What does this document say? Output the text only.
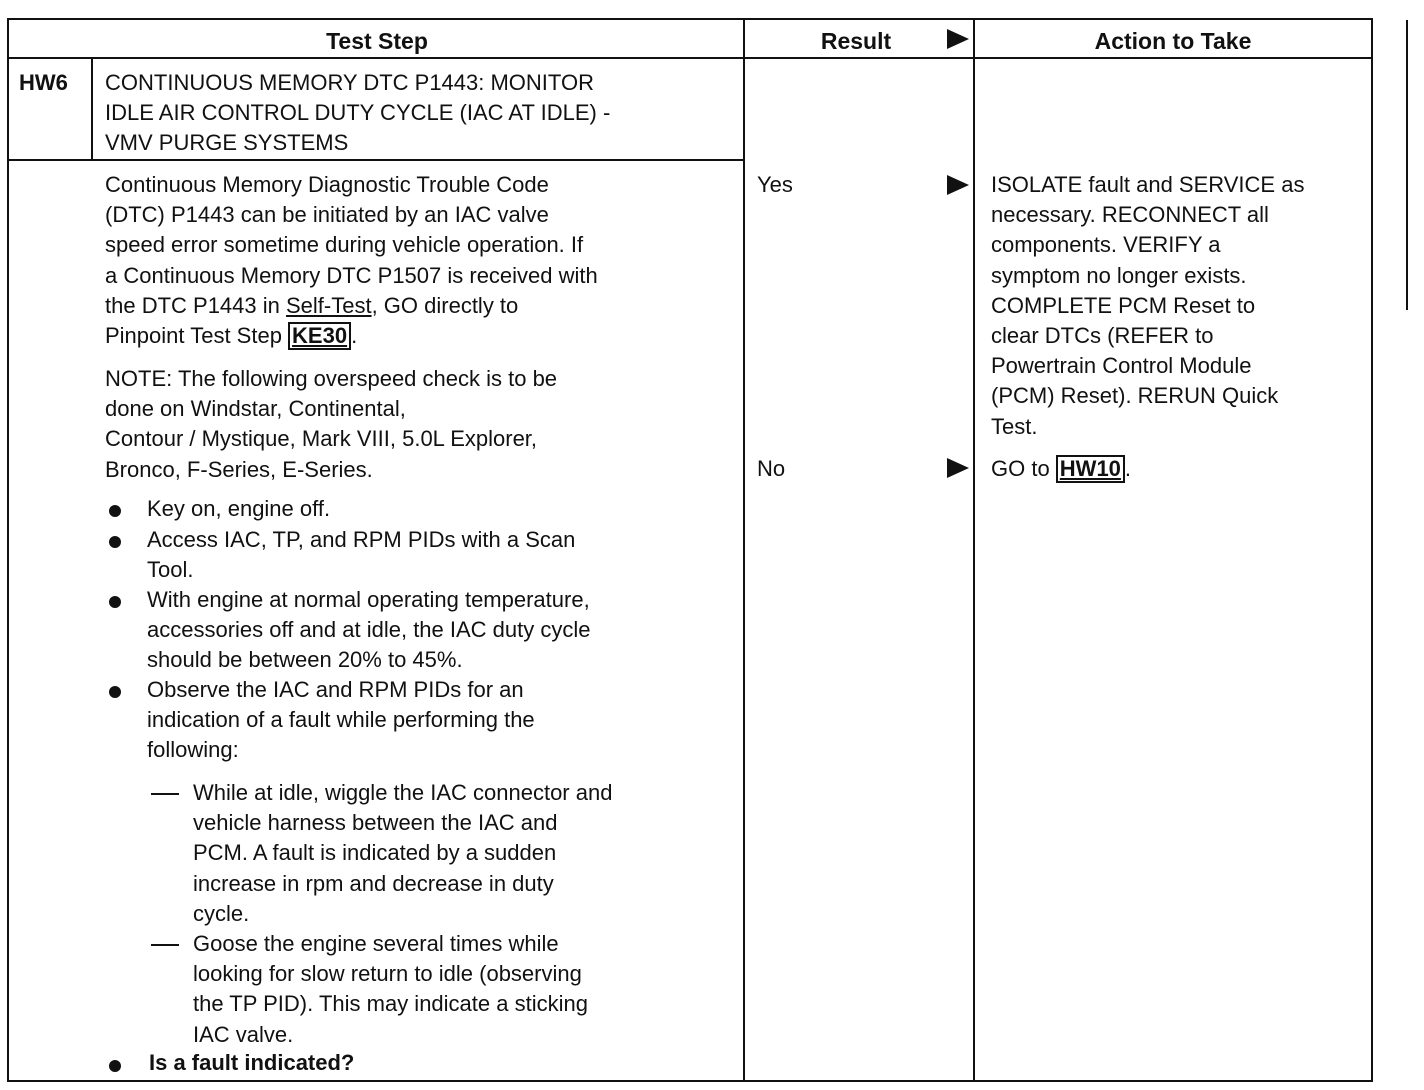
Test Step	Result	Action to Take
HW6 CONTINUOUS MEMORY DTC P1443: MONITOR
IDLE AIR CONTROL DUTY CYCLE (IAC AT IDLE) -
VMV PURGE SYSTEMS
Continuous Memory Diagnostic Trouble Code
(DTC) P1443 can be initiated by an IAC valve
speed error sometime during vehicle operation. If
a Continuous Memory DTC P1507 is received with
the DTC P1443 in Self-Test, GO directly to
Pinpoint Test Step KE30 .
NOTE: The following overspeed check is to be
done on Windstar, Continental,
Contour / Mystique, Mark VIII, 5.0L Explorer,
Bronco, F-Series, E-Series.
Key on, engine off.
Access IAC, TP, and RPM PIDs with a Scan
Tool.
With engine at normal operating temperature,
accessories off and at idle, the IAC duty cycle
should be between 20% to 45%.
Observe the IAC and RPM PIDs for an
indication of a fault while performing the
following:
While at idle, wiggle the IAC connector and
vehicle harness between the IAC and
PCM. A fault is indicated by a sudden
increase in rpm and decrease in duty
cycle.
Goose the engine several times while
looking for slow return to idle (observing
the TP PID). This may indicate a sticking
IAC valve.
Is a fault indicated?
Yes
No
ISOLATE fault and SERVICE as
necessary. RECONNECT all
components. VERIFY a
symptom no longer exists.
COMPLETE PCM Reset to
clear DTCs (REFER to
Powertrain Control Module
(PCM) Reset). RERUN Quick
Test.
GO to HW10 .
